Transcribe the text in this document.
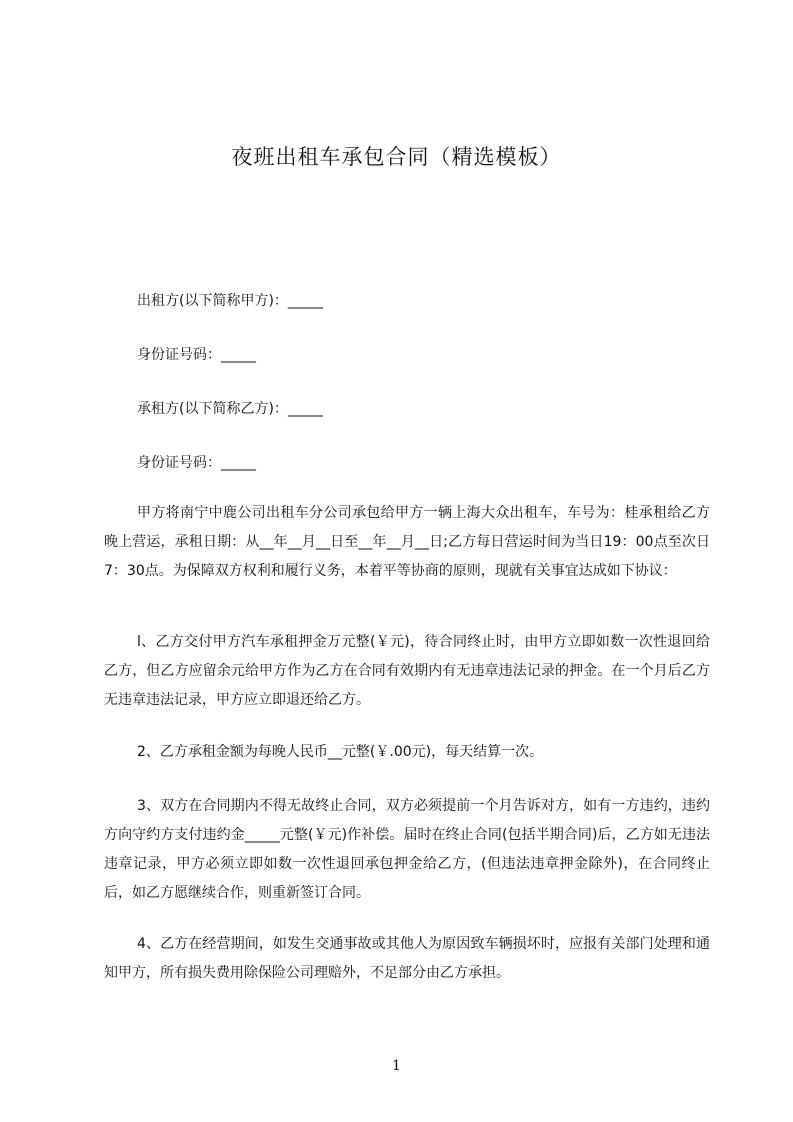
夜班出租车承包合同（精选模板）
出租方(以下简称甲方)：_____
身份证号码：_____
承租方(以下简称乙方)：_____
身份证号码：_____
甲方将南宁中鹿公司出租车分公司承包给甲方一辆上海大众出租车，车号为：桂承租给乙方晚上营运，承租日期：从__年__月__日至__年__月__日;乙方每日营运时间为当日19：00点至次日7：30点。为保障双方权利和履行义务，本着平等协商的原则，现就有关事宜达成如下协议：
l、乙方交付甲方汽车承租押金万元整(￥元)，待合同终止时，由甲方立即如数一次性退回给乙方，但乙方应留余元给甲方作为乙方在合同有效期内有无违章违法记录的押金。在一个月后乙方无违章违法记录，甲方应立即退还给乙方。
2、乙方承租金额为每晚人民币__元整(￥.00元)，每天结算一次。
3、双方在合同期内不得无故终止合同，双方必须提前一个月告诉对方，如有一方违约，违约方向守约方支付违约金_____元整(￥元)作补偿。届时在终止合同(包括半期合同)后，乙方如无违法违章记录，甲方必须立即如数一次性退回承包押金给乙方，(但违法违章押金除外)，在合同终止后，如乙方愿继续合作，则重新签订合同。
4、乙方在经营期间，如发生交通事故或其他人为原因致车辆损坏时，应报有关部门处理和通知甲方，所有损失费用除保险公司理赔外，不足部分由乙方承担。
1
